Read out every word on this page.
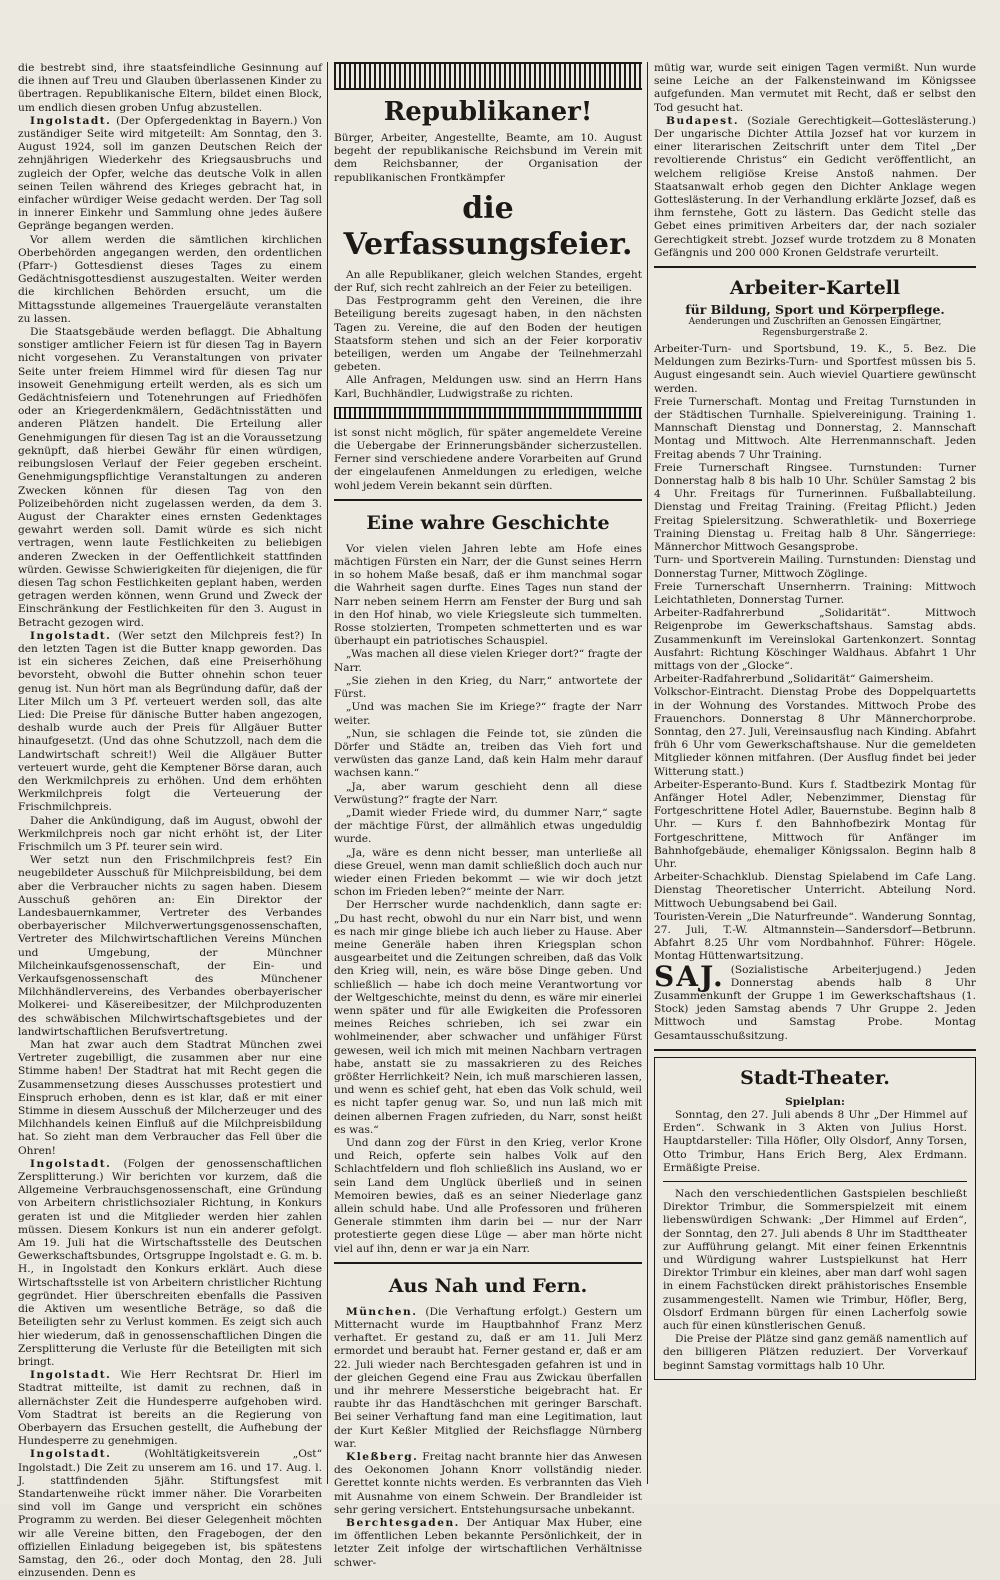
die bestrebt sind, ihre staatsfeindliche Gesinnung auf die ihnen auf Treu und Glauben überlassenen Kinder zu übertragen. Republikanische Eltern, bildet einen Block, um endlich diesen groben Unfug abzustellen.

Ingolstadt. (Der Opfergedenktag in Bayern.) Von zuständiger Seite wird mitgeteilt: Am Sonntag, den 3. August 1924, soll im ganzen Deutschen Reich der zehnjährigen Wiederkehr des Kriegsausbruchs und zugleich der Opfer, welche das deutsche Volk in allen seinen Teilen während des Krieges gebracht hat, in einfacher würdiger Weise gedacht werden. Der Tag soll in innerer Einkehr und Sammlung ohne jedes äußere Gepränge begangen werden.

Vor allem werden die sämtlichen kirchlichen Oberbehörden angegangen werden, den ordentlichen (Pfarr-) Gottesdienst dieses Tages zu einem Gedächtnisgottesdienst auszugestalten. Weiter werden die kirchlichen Behörden ersucht, um die Mittagsstunde allgemeines Trauergeläute veranstalten zu lassen.

Die Staatsgebäude werden beflaggt. Die Abhaltung sonstiger amtlicher Feiern ist für diesen Tag in Bayern nicht vorgesehen. Zu Veranstaltungen von privater Seite unter freiem Himmel wird für diesen Tag nur insoweit Genehmigung erteilt werden, als es sich um Gedächtnisfeiern und Totenehrungen auf Friedhöfen oder an Kriegerdenkmälern, Gedächtnisstätten und anderen Plätzen handelt. Die Erteilung aller Genehmigungen für diesen Tag ist an die Voraussetzung geknüpft, daß hierbei Gewähr für einen würdigen, reibungslosen Verlauf der Feier gegeben erscheint. Genehmigungspflichtige Veranstaltungen zu anderen Zwecken können für diesen Tag von den Polizeibehörden nicht zugelassen werden, da dem 3. August der Charakter eines ernsten Gedenktages gewahrt werden soll. Damit würde es sich nicht vertragen, wenn laute Festlichkeiten zu beliebigen anderen Zwecken in der Oeffentlichkeit stattfinden würden. Gewisse Schwierigkeiten für diejenigen, die für diesen Tag schon Festlichkeiten geplant haben, werden getragen werden können, wenn Grund und Zweck der Einschränkung der Festlichkeiten für den 3. August in Betracht gezogen wird.

Ingolstadt. (Wer setzt den Milchpreis fest?) In den letzten Tagen ist die Butter knapp geworden. Das ist ein sicheres Zeichen, daß eine Preiserhöhung bevorsteht, obwohl die Butter ohnehin schon teuer genug ist. Nun hört man als Begründung dafür, daß der Liter Milch um 3 Pf. verteuert werden soll, das alte Lied: Die Preise für dänische Butter haben angezogen, deshalb wurde auch der Preis für Allgäuer Butter hinaufgesetzt. (Und das ohne Schutzzoll, nach dem die Landwirtschaft schreit!) Weil die Allgäuer Butter verteuert wurde, geht die Kemptener Börse daran, auch den Werkmilchpreis zu erhöhen. Und dem erhöhten Werkmilchpreis folgt die Verteuerung der Frischmilchpreis.

Daher die Ankündigung, daß im August, obwohl der Werkmilchpreis noch gar nicht erhöht ist, der Liter Frischmilch um 3 Pf. teurer sein wird.

Wer setzt nun den Frischmilchpreis fest? Ein neugebildeter Ausschuß für Milchpreisbildung, bei dem aber die Verbraucher nichts zu sagen haben. Diesem Ausschuß gehören an: Ein Direktor der Landesbauernkammer, Vertreter des Verbandes oberbayerischer Milchverwertungsgenossenschaften, Vertreter des Milchwirtschaftlichen Vereins München und Umgebung, der Münchner Milcheinkaufsgenossenschaft, der Ein- und Verkaufsgenossenschaft des Münchener Milchhändlervereins, des Verbandes oberbayerischer Molkerei- und Käsereibesitzer, der Milchproduzenten des schwäbischen Milchwirtschaftsgebietes und der landwirtschaftlichen Berufsvertretung.

Man hat zwar auch dem Stadtrat München zwei Vertreter zugebilligt, die zusammen aber nur eine Stimme haben! Der Stadtrat hat mit Recht gegen die Zusammensetzung dieses Ausschusses protestiert und Einspruch erhoben, denn es ist klar, daß er mit einer Stimme in diesem Ausschuß der Milcherzeuger und des Milchhandels keinen Einfluß auf die Milchpreisbildung hat. So zieht man dem Verbraucher das Fell über die Ohren!

Ingolstadt. (Folgen der genossenschaftlichen Zersplitterung.) Wir berichten vor kurzem, daß die Allgemeine Verbrauchsgenossenschaft, eine Gründung von Arbeitern christlichsozialer Richtung, in Konkurs geraten ist und die Mitglieder werden hier zahlen müssen. Diesem Konkurs ist nun ein anderer gefolgt. Am 19. Juli hat die Wirtschaftsstelle des Deutschen Gewerkschaftsbundes, Ortsgruppe Ingolstadt e. G. m. b. H., in Ingolstadt den Konkurs erklärt. Auch diese Wirtschaftsstelle ist von Arbeitern christlicher Richtung gegründet. Hier überschreiten ebenfalls die Passiven die Aktiven um wesentliche Beträge, so daß die Beteiligten sehr zu Verlust kommen. Es zeigt sich auch hier wiederum, daß in genossenschaftlichen Dingen die Zersplitterung die Verluste für die Beteiligten mit sich bringt.

Ingolstadt. Wie Herr Rechtsrat Dr. Hierl im Stadtrat mitteilte, ist damit zu rechnen, daß in allernächster Zeit die Hundesperre aufgehoben wird. Vom Stadtrat ist bereits an die Regierung von Oberbayern das Ersuchen gestellt, die Aufhebung der Hundesperre zu genehmigen.

Ingolstadt.	(Wohltätigkeitsverein „Ost“ Ingolstadt.) Die Zeit zu unserem am 16. und 17. Aug. l. J. stattfindenden 5jähr. Stiftungsfest mit Standartenweihe rückt immer näher. Die Vorarbeiten sind voll im Gange und verspricht ein schönes Programm zu werden. Bei dieser Gelegenheit möchten wir alle Vereine bitten, den Fragebogen, der den offiziellen Einladung beigegeben ist, bis spätestens Samstag, den 26., oder doch Montag, den 28. Juli einzusenden. Denn es

Republikaner!

Bürger, Arbeiter, Angestellte, Beamte, am 10. August begeht der republikanische Reichsbund im Verein mit dem Reichsbanner, der Organisation der republikanischen Frontkämpfer

die Verfassungsfeier.

An alle Republikaner, gleich welchen Standes, ergeht der Ruf, sich recht zahlreich an der Feier zu beteiligen.

Das Festprogramm geht den Vereinen, die ihre Beteiligung bereits zugesagt haben, in den nächsten Tagen zu. Vereine, die auf den Boden der heutigen Staatsform stehen und sich an der Feier korporativ beteiligen, werden um Angabe der Teilnehmerzahl gebeten.

Alle Anfragen, Meldungen usw. sind an Herrn Hans Karl, Buchhändler, Ludwigstraße zu richten.

ist sonst nicht möglich, für später angemeldete Vereine die Uebergabe der Erinnerungsbänder sicherzustellen. Ferner sind verschiedene andere Vorarbeiten auf Grund der eingelaufenen Anmeldungen zu erledigen, welche wohl jedem Verein bekannt sein dürften.

Eine wahre Geschichte

Vor vielen vielen Jahren lebte am Hofe eines mächtigen Fürsten ein Narr, der die Gunst seines Herrn in so hohem Maße besaß, daß er ihm manchmal sogar die Wahrheit sagen durfte. Eines Tages nun stand der Narr neben seinem Herrn am Fenster der Burg und sah in den Hof hinab, wo viele Kriegsleute sich tummelten. Rosse stolzierten, Trompeten schmetterten und es war überhaupt ein patriotisches Schauspiel.

„Was machen all diese vielen Krieger dort?“ fragte der Narr.

„Sie ziehen in den Krieg, du Narr,“ antwortete der Fürst.

„Und was machen Sie im Kriege?“ fragte der Narr weiter.

„Nun, sie schlagen die Feinde tot, sie zünden die Dörfer und Städte an, treiben das Vieh fort und verwüsten das ganze Land, daß kein Halm mehr darauf wachsen kann.“

„Ja, aber warum geschieht denn all diese Verwüstung?“ fragte der Narr.

„Damit wieder Friede wird, du dummer Narr,“ sagte der mächtige Fürst, der allmählich etwas ungeduldig wurde.

„Ja, wäre es denn nicht besser, man unterließe all diese Greuel, wenn man damit schließlich doch auch nur wieder einen Frieden bekommt — wie wir doch jetzt schon im Frieden leben?“ meinte der Narr.

Der Herrscher wurde nachdenklich, dann sagte er: „Du hast recht, obwohl du nur ein Narr bist, und wenn es nach mir ginge bliebe ich auch lieber zu Hause. Aber meine Generäle haben ihren Kriegsplan schon ausgearbeitet und die Zeitungen schreiben, daß das Volk den Krieg will, nein, es wäre böse Dinge geben. Und schließlich — habe ich doch meine Verantwortung vor der Weltgeschichte, meinst du denn, es wäre mir einerlei wenn später und für alle Ewigkeiten die Professoren meines Reiches schrieben, ich sei zwar ein wohlmeinender, aber schwacher und unfähiger Fürst gewesen, weil ich mich mit meinen Nachbarn vertragen habe, anstatt sie zu massakrieren zu des Reiches größter Herrlichkeit? Nein, ich muß marschieren lassen, und wenn es schief geht, hat eben das Volk schuld, weil es nicht tapfer genug war. So, und nun laß mich mit deinen albernen Fragen zufrieden, du Narr, sonst heißt es was.“

Und dann zog der Fürst in den Krieg, verlor Krone und Reich, opferte sein halbes Volk auf den Schlachtfeldern und floh schließlich ins Ausland, wo er sein Land dem Unglück überließ und in seinen Memoiren bewies, daß es an seiner Niederlage ganz allein schuld habe. Und alle Professoren und früheren Generale stimmten ihm darin bei — nur der Narr protestierte gegen diese Lüge — aber man hörte nicht viel auf ihn, denn er war ja ein Narr.

Aus Nah und Fern.

München. (Die Verhaftung erfolgt.) Gestern um Mitternacht wurde im Hauptbahnhof Franz Merz verhaftet. Er gestand zu, daß er am 11. Juli Merz ermordet und beraubt hat. Ferner gestand er, daß er am 22. Juli wieder nach Berchtesgaden gefahren ist und in der gleichen Gegend eine Frau aus Zwickau überfallen und ihr mehrere Messerstiche beigebracht hat. Er raubte ihr das Handtäschchen mit geringer Barschaft. Bei seiner Verhaftung fand man eine Legitimation, laut der Kurt Keßler Mitglied der Reichsflagge Nürnberg war.

Kleßberg. Freitag nacht brannte hier das Anwesen des Oekonomen Johann Knorr vollständig nieder. Gerettet konnte nichts werden. Es verbrannten das Vieh mit Ausnahme von einem Schwein. Der Brandleider ist sehr gering versichert. Entstehungsursache unbekannt.

Berchtesgaden. Der Antiquar Max Huber, eine im öffentlichen Leben bekannte Persönlichkeit, der in letzter Zeit infolge der wirtschaftlichen Verhältnisse schwer-

mütig war, wurde seit einigen Tagen vermißt. Nun wurde seine Leiche an der Falkensteinwand im Königssee aufgefunden. Man vermutet mit Recht, daß er selbst den Tod gesucht hat.

Budapest. (Soziale Gerechtigkeit—Gotteslästerung.) Der ungarische Dichter Attila Jozsef hat vor kurzem in einer literarischen Zeitschrift unter dem Titel „Der revoltierende Christus“ ein Gedicht veröffentlicht, an welchem religiöse Kreise Anstoß nahmen. Der Staatsanwalt erhob gegen den Dichter Anklage wegen Gotteslästerung. In der Verhandlung erklärte Jozsef, daß es ihm fernstehe, Gott zu lästern. Das Gedicht stelle das Gebet eines primitiven Arbeiters dar, der nach sozialer Gerechtigkeit strebt. Jozsef wurde trotzdem zu 8 Monaten Gefängnis und 200 000 Kronen Geldstrafe verurteilt.

Arbeiter-Kartell
für Bildung, Sport und Körperpflege.
Aenderungen und Zuschriften an Genossen Eingärtner, Regensburgerstraße 2.

Arbeiter-Turn- und Sportsbund, 19. K., 5. Bez. Die Meldungen zum Bezirks-Turn- und Sportfest müssen bis 5. August eingesandt sein. Auch wieviel Quartiere gewünscht werden.

Freie Turnerschaft. Montag und Freitag Turnstunden in der Städtischen Turnhalle. Spielvereinigung. Training 1. Mannschaft Dienstag und Donnerstag, 2. Mannschaft Montag und Mittwoch. Alte Herrenmannschaft. Jeden Freitag abends 7 Uhr Training.

Freie Turnerschaft Ringsee. Turnstunden: Turner Donnerstag halb 8 bis halb 10 Uhr. Schüler Samstag 2 bis 4 Uhr. Freitags für Turnerinnen. Fußballabteilung. Dienstag und Freitag Training. (Freitag Pflicht.) Jeden Freitag Spielersitzung. Schwerathletik- und Boxerriege Training Dienstag u. Freitag halb 8 Uhr. Sängerriege: Männerchor Mittwoch Gesangsprobe.

Turn- und Sportverein Mailing. Turnstunden: Dienstag und Donnerstag Turner, Mittwoch Zöglinge.

Freie Turnerschaft Unsernherrn. Training: Mittwoch Leichtathleten, Donnerstag Turner.

Arbeiter-Radfahrerbund „Solidarität“. Mittwoch Reigenprobe im Gewerkschaftshaus. Samstag abds. Zusammenkunft im Vereinslokal Gartenkonzert. Sonntag Ausfahrt: Richtung Köschinger Waldhaus. Abfahrt 1 Uhr mittags von der „Glocke“.

Arbeiter-Radfahrerbund „Solidarität“ Gaimersheim.

Volkschor-Eintracht. Dienstag Probe des Doppelquartetts in der Wohnung des Vorstandes. Mittwoch Probe des Frauenchors. Donnerstag 8 Uhr Männerchorprobe. Sonntag, den 27. Juli, Vereinsausflug nach Kinding. Abfahrt früh 6 Uhr vom Gewerkschaftshause. Nur die gemeldeten Mitglieder können mitfahren. (Der Ausflug findet bei jeder Witterung statt.)

Arbeiter-Esperanto-Bund. Kurs f. Stadtbezirk Montag für Anfänger Hotel Adler, Nebenzimmer, Dienstag für Fortgeschrittene Hotel Adler, Bauernstube. Beginn halb 8 Uhr. — Kurs f. den Bahnhofbezirk Montag für Fortgeschrittene, Mittwoch für Anfänger im Bahnhofgebäude, ehemaliger Königssalon. Beginn halb 8 Uhr.

Arbeiter-Schachklub. Dienstag Spielabend im Cafe Lang. Dienstag Theoretischer Unterricht. Abteilung Nord. Mittwoch Uebungsabend bei Gail.

Touristen-Verein „Die Naturfreunde“. Wanderung Sonntag, 27. Juli, T.-W. Altmannstein—Sandersdorf—Betbrunn. Abfahrt 8.25 Uhr vom Nordbahnhof. Führer: Högele. Montag Hüttenwartsitzung.

SAJ. (Sozialistische Arbeiterjugend.) Jeden Donnerstag abends halb 8 Uhr Zusammenkunft der Gruppe 1 im Gewerkschaftshaus (1. Stock) jeden Samstag abends 7 Uhr Gruppe 2. Jeden Mittwoch und Samstag Probe. Montag Gesamtausschußsitzung.

Stadt-Theater.
Spielplan:

Sonntag, den 27. Juli abends 8 Uhr „Der Himmel auf Erden“. Schwank in 3 Akten von Julius Horst. Hauptdarsteller: Tilla Höfler, Olly Olsdorf, Anny Torsen, Otto Trimbur, Hans Erich Berg, Alex Erdmann. Ermäßigte Preise.

Nach den verschiedentlichen Gastspielen beschließt Direktor Trimbur, die Sommerspielzeit mit einem liebenswürdigen Schwank: „Der Himmel auf Erden“, der Sonntag, den 27. Juli abends 8 Uhr im Stadttheater zur Aufführung gelangt. Mit einer feinen Erkenntnis und Würdigung wahrer Lustspielkunst hat Herr Direktor Trimbur ein kleines, aber man darf wohl sagen in einem Fachstücken direkt prähistorisches Ensemble zusammengestellt. Namen wie Trimbur, Höfler, Berg, Olsdorf Erdmann bürgen für einen Lacherfolg sowie auch für einen künstlerischen Genuß.

Die Preise der Plätze sind ganz gemäß namentlich auf den billigeren Plätzen reduziert. Der Vorverkauf beginnt Samstag vormittags halb 10 Uhr.
